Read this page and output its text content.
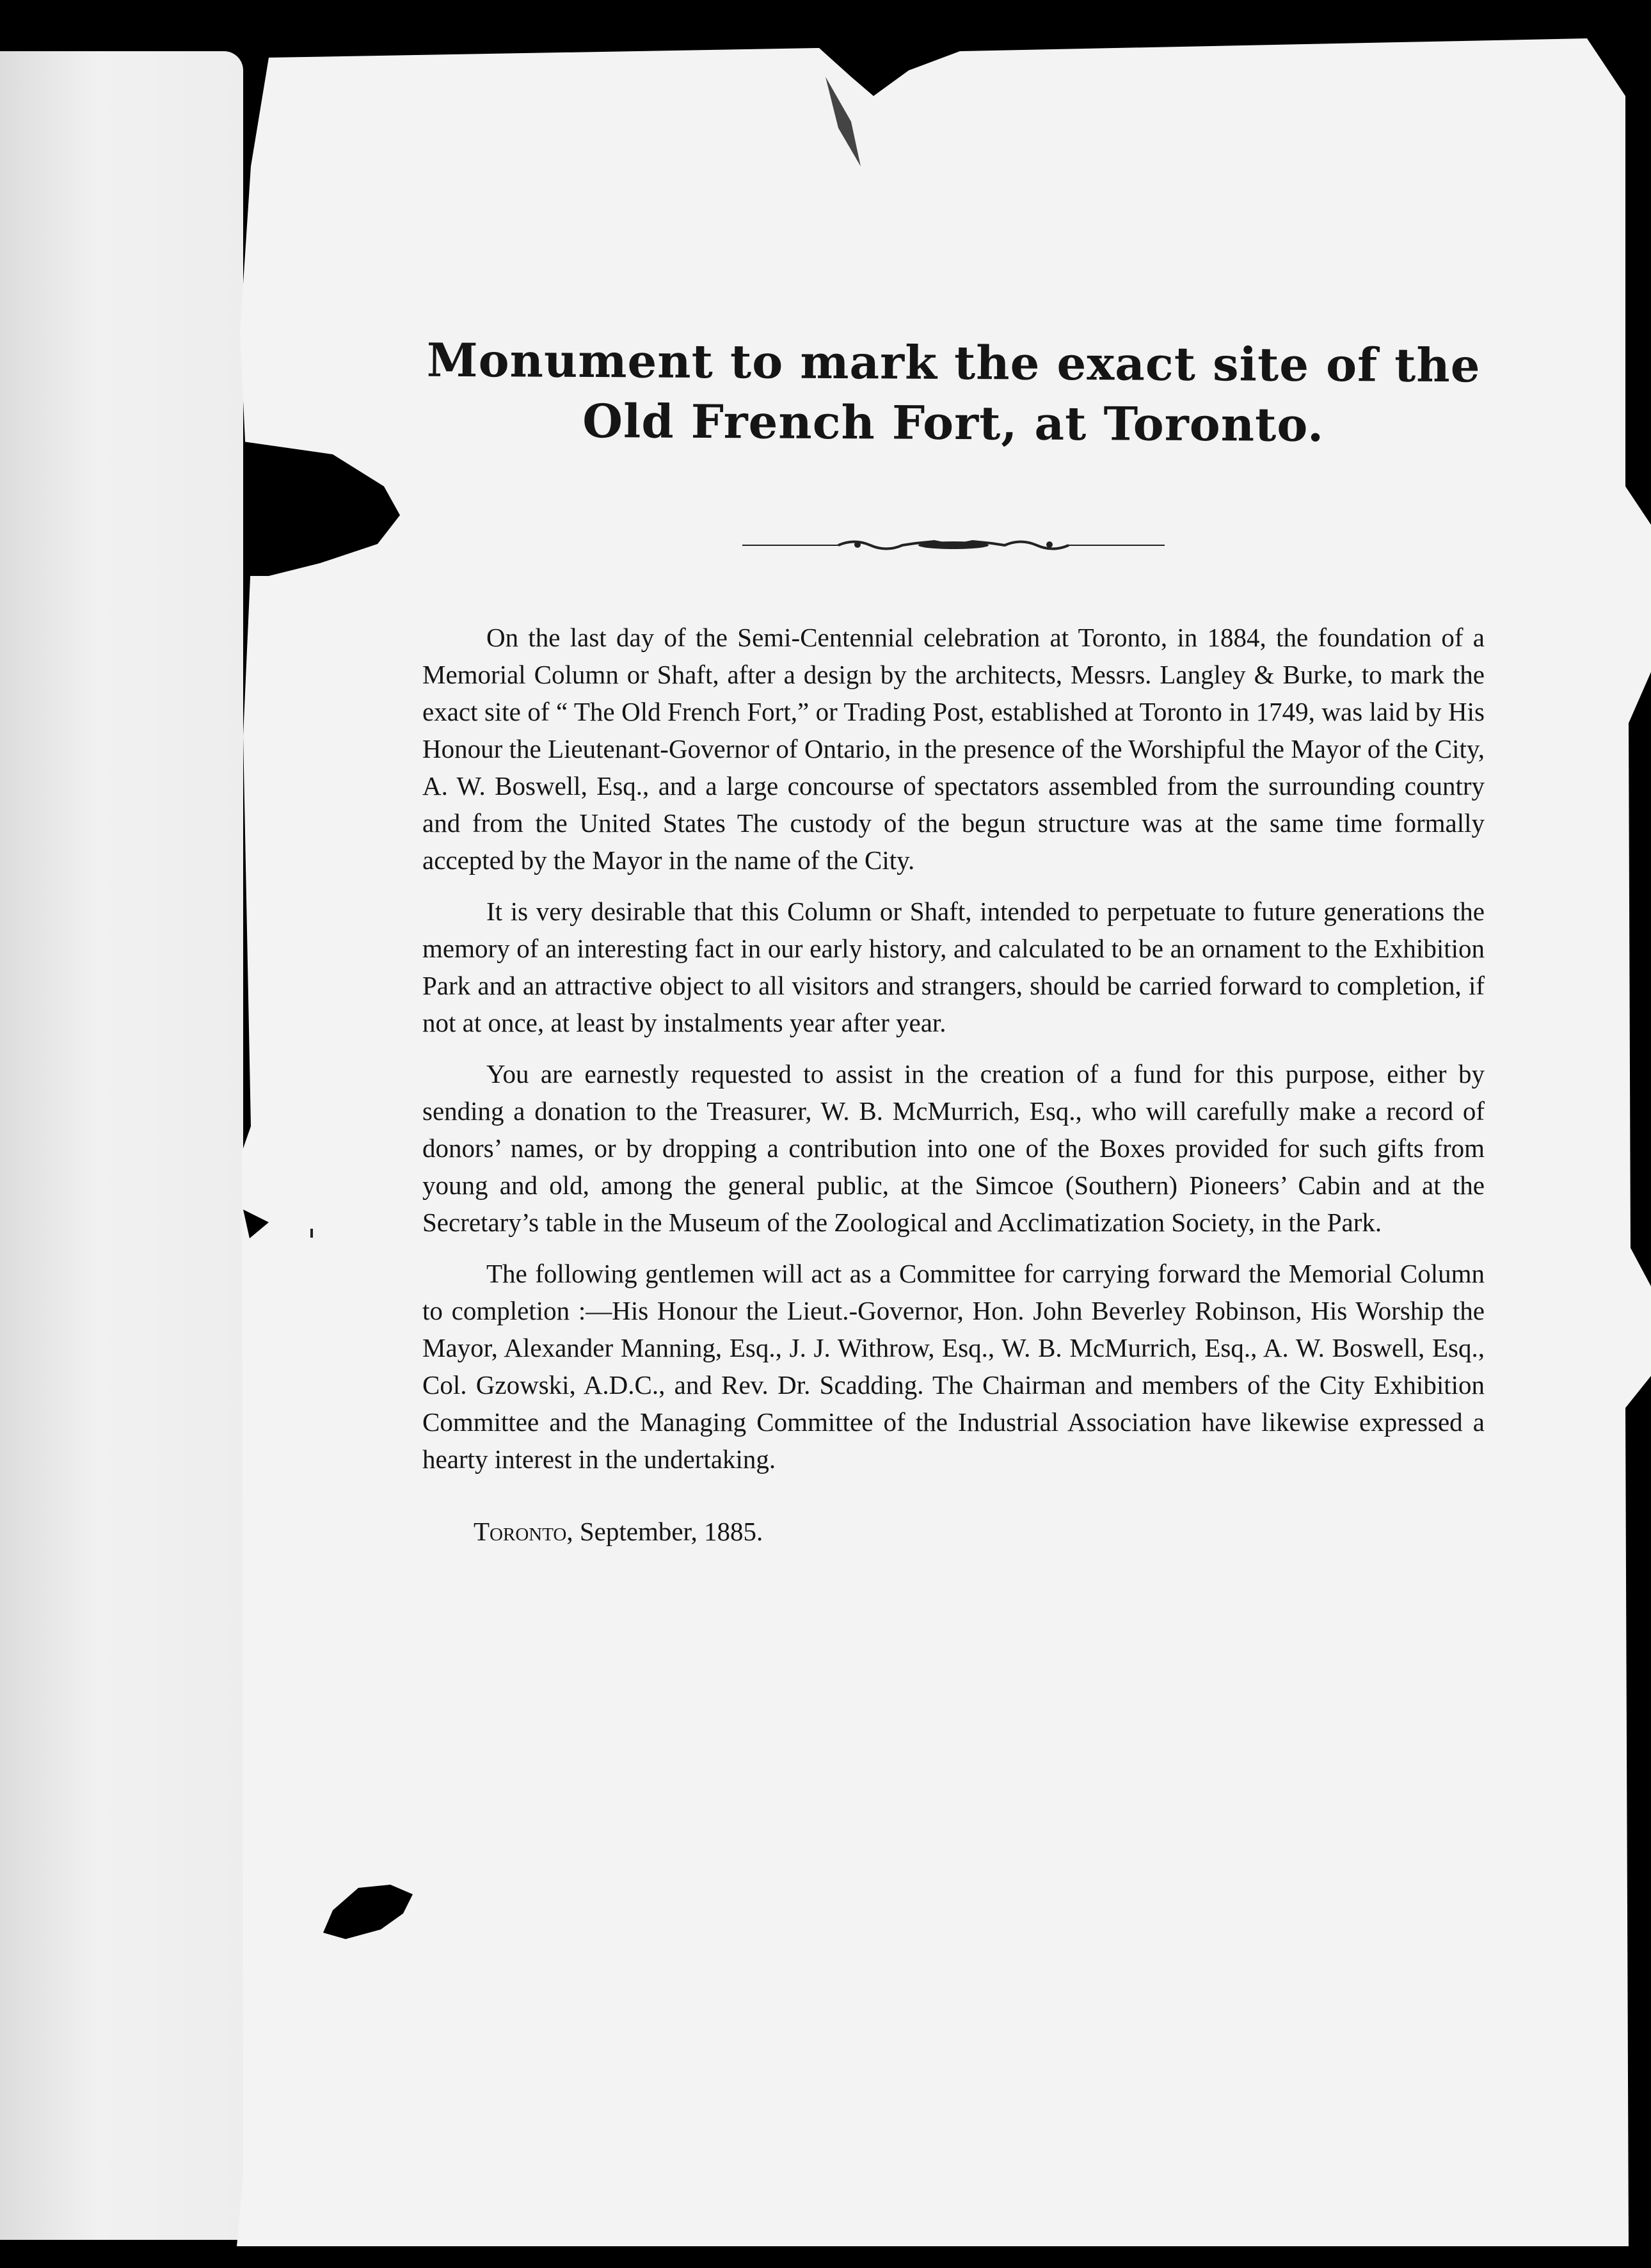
Monument to mark the exact site of the
Old French Fort, at Toronto.

On the last day of the Semi-Centennial celebration at Toronto, in 1884, the foundation of a Memorial Column or Shaft, after a design by the architects, Messrs. Langley & Burke, to mark the exact site of “ The Old French Fort,” or Trading Post, established at Toronto in 1749, was laid by His Honour the Lieutenant-Governor of Ontario, in the presence of the Worshipful the Mayor of the City, A. W. Boswell, Esq., and a large concourse of spectators assembled from the surrounding country and from the United States The custody of the begun structure was at the same time formally accepted by the Mayor in the name of the City.

It is very desirable that this Column or Shaft, intended to perpetuate to future generations the memory of an interesting fact in our early history, and calculated to be an ornament to the Exhibition Park and an attractive object to all visitors and strangers, should be carried forward to completion, if not at once, at least by instalments year after year.

You are earnestly requested to assist in the creation of a fund for this purpose, either by sending a donation to the Treasurer, W. B. McMurrich, Esq., who will carefully make a record of donors’ names, or by dropping a contribution into one of the Boxes provided for such gifts from young and old, among the general public, at the Simcoe (Southern) Pioneers’ Cabin and at the Secretary’s table in the Museum of the Zoological and Acclimatization Society, in the Park.

The following gentlemen will act as a Committee for carrying forward the Memorial Column to completion :—His Honour the Lieut.-Governor, Hon. John Beverley Robinson, His Worship the Mayor, Alexander Manning, Esq., J. J. Withrow, Esq., W. B. McMurrich, Esq., A. W. Boswell, Esq., Col. Gzowski, A.D.C., and Rev. Dr. Scadding. The Chairman and members of the City Exhibition Committee and the Managing Committee of the Industrial Association have likewise expressed a hearty interest in the undertaking.

Toronto, September, 1885.
